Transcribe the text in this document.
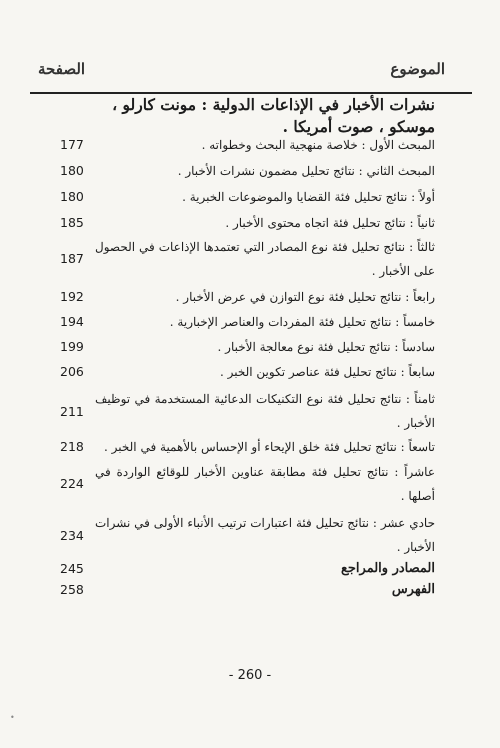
الموضوع
الصفحة
نشرات الأخبار في الإذاعات الدولية : مونت كارلو ، موسكو ، صوت أمريكا .
المبحث الأول : خلاصة منهجية البحث وخطواته .
177
المبحث الثاني : نتائج تحليل مضمون نشرات الأخبار .
180
أولاً : نتائج تحليل فئة القضايا والموضوعات الخبرية .
180
ثانياً : نتائج تحليل فئة اتجاه محتوى الأخبار .
185
ثالثاً : نتائج تحليل فئة نوع المصادر التي تعتمدها الإذاعات في الحصول على الأخبار .
187
رابعاً : نتائج تحليل فئة نوع التوازن في عرض الأخبار .
192
خامساً : نتائج تحليل فئة المفردات والعناصر الإخبارية .
194
سادساً : نتائج تحليل فئة نوع معالجة الأخبار .
199
سابعاً : نتائج تحليل فئة عناصر تكوين الخبر .
206
ثامناً : نتائج تحليل فئة نوع التكنيكات الدعائية المستخدمة في توظيف الأخبار .
211
تاسعاً : نتائج تحليل فئة خلق الإيحاء أو الإحساس بالأهمية في الخبر .
218
عاشراً : نتائج تحليل فئة مطابقة عناوين الأخبار للوقائع الواردة في أصلها .
224
حادي عشر : نتائج تحليل فئة اعتبارات ترتيب الأنباء الأولى في نشرات الأخبار .
234
المصادر والمراجع
245
الفهرس
258
- 260 -
•
